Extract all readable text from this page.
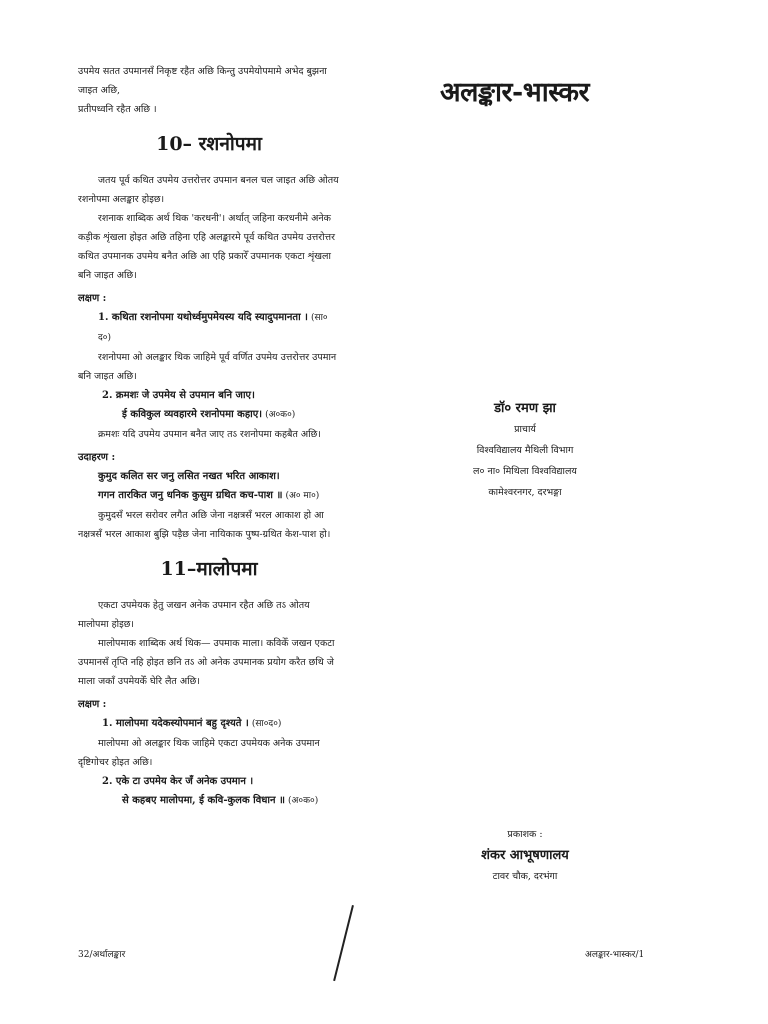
उपमेय सतत उपमानसँ निकृष्ट रहैत अछि किन्तु उपमेयोपमामे अभेद बुझना जाइत अछि,

प्रतीपध्वनि रहैत अछि ।

10– रशनोपमा

जतय पूर्व कथित उपमेय उत्तरोत्तर उपमान बनल चल जाइत अछि ओतय रशनोपमा अलङ्कार होइछ।

रशनाक शाब्दिक अर्थ थिक 'करधनी'। अर्थात् जहिना करधनीमे अनेक कड़ीक शृंखला होइत अछि तहिना एहि अलङ्कारमे पूर्व कथित उपमेय उत्तरोत्तर कथित उपमानक उपमेय बनैत अछि आ एहि प्रकारेँ उपमानक एकटा शृंखला बनि जाइत अछि।

लक्षण :

1. कथिता रशनोपमा यथोर्ध्वमुपमेयस्य यदि स्यादुपमानता । (सा० द०)

रशनोपमा ओ अलङ्कार थिक जाहिमे पूर्व वर्णित उपमेय उत्तरोत्तर उपमान बनि जाइत अछि।

2. क्रमशः जे उपमेय से उपमान बनि जाए।

ई कविकुल व्यवहारमे रशनोपमा कहाए। (अ०क०)

क्रमशः यदि उपमेय उपमान बनैत जाए तऽ रशनोपमा कहबैत अछि।

उदाहरण :

कुमुद कलित सर जनु लसित नखत भरित आकाश।

गगन तारकित जनु धनिक कुसुम ग्रथित कच-पाश ॥ (अ० मा०)

कुमुदसँ भरल सरोवर लगैत अछि जेना नक्षत्रसँ भरल आकाश हो आ नक्षत्रसँ भरल आकाश बुझि पड़ैछ जेना नायिकाक पुष्प-ग्रथित केश-पाश हो।

11–मालोपमा

एकटा उपमेयक हेतु जखन अनेक उपमान रहैत अछि तऽ ओतय मालोपमा होइछ।

मालोपमाक शाब्दिक अर्थ थिक— उपमाक माला। कविकेँ जखन एकटा उपमानसँ तृप्ति नहि होइत छनि तऽ ओ अनेक उपमानक प्रयोग करैत छथि जे माला जकाँ उपमेयकेँ घेरि लैत अछि।

लक्षण :

1. मालोपमा यदेकस्योपमानं बहु दृश्यते । (सा०द०)

मालोपमा ओ अलङ्कार थिक जाहिमे एकटा उपमेयक अनेक उपमान दृष्टिगोचर होइत अछि।

2. एके टा उपमेय केर जँ अनेक उपमान ।

से कहबए मालोपमा, ई कवि-कुलक विधान ॥ (अ०क०)

अलङ्कार-भास्कर
डॉ० रमण झा
प्राचार्य
विश्वविद्यालय मैथिली विभाग
ल० ना० मिथिला विश्वविद्यालय
कामेश्वरनगर, दरभङ्गा
प्रकाशक :
शंकर आभूषणालय
टावर चौक, दरभंगा
32/अर्थालङ्कार	अलङ्कार-भास्कर/1
